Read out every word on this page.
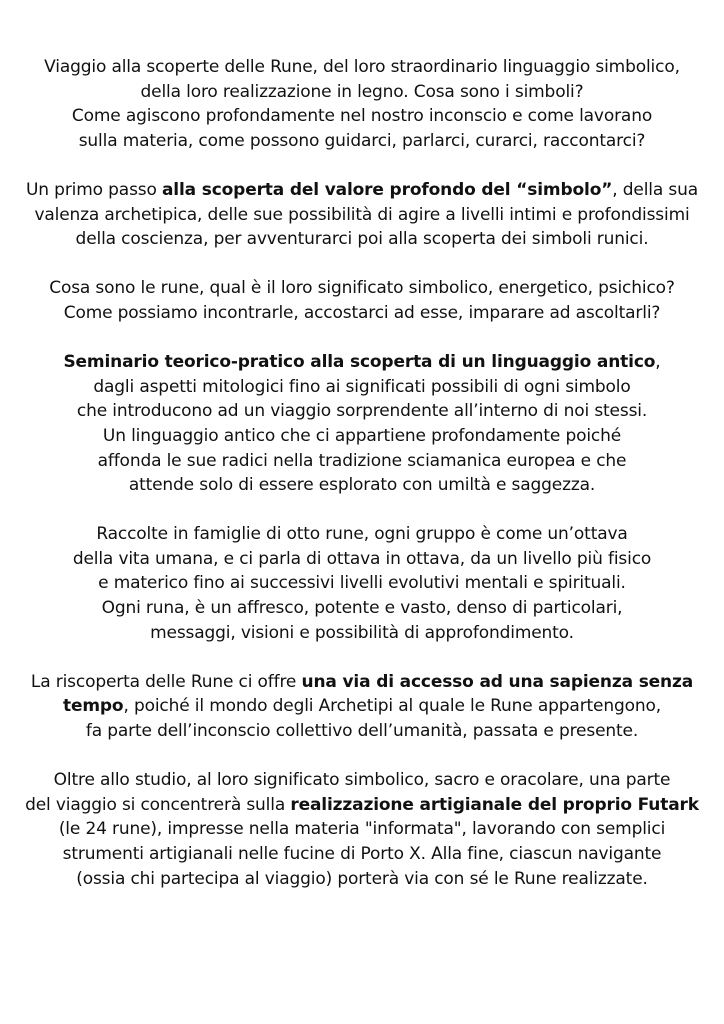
Viaggio alla scoperte delle Rune, del loro straordinario linguaggio simbolico,
della loro realizzazione in legno. Cosa sono i simboli?
Come agiscono profondamente nel nostro inconscio e come lavorano
sulla materia, come possono guidarci, parlarci, curarci, raccontarci?

Un primo passo alla scoperta del valore profondo del “simbolo”, della sua
valenza archetipica, delle sue possibilità di agire a livelli intimi e profondissimi
della coscienza, per avventurarci poi alla scoperta dei simboli runici.

Cosa sono le rune, qual è il loro significato simbolico, energetico, psichico?
Come possiamo incontrarle, accostarci ad esse, imparare ad ascoltarli?

Seminario teorico-pratico alla scoperta di un linguaggio antico,
dagli aspetti mitologici fino ai significati possibili di ogni simbolo
che introducono ad un viaggio sorprendente all’interno di noi stessi.
Un linguaggio antico che ci appartiene profondamente poiché
affonda le sue radici nella tradizione sciamanica europea e che
attende solo di essere esplorato con umiltà e saggezza.

Raccolte in famiglie di otto rune, ogni gruppo è come un’ottava
della vita umana, e ci parla di ottava in ottava, da un livello più fisico
e materico fino ai successivi livelli evolutivi mentali e spirituali.
Ogni runa, è un affresco, potente e vasto, denso di particolari,
messaggi, visioni e possibilità di approfondimento.

La riscoperta delle Rune ci offre una via di accesso ad una sapienza senza
tempo, poiché il mondo degli Archetipi al quale le Rune appartengono,
fa parte dell’inconscio collettivo dell’umanità, passata e presente.

Oltre allo studio, al loro significato simbolico, sacro e oracolare, una parte
del viaggio si concentrerà sulla realizzazione artigianale del proprio Futark
(le 24 rune), impresse nella materia "informata", lavorando con semplici
strumenti artigianali nelle fucine di Porto X. Alla fine, ciascun navigante
(ossia chi partecipa al viaggio) porterà via con sé le Rune realizzate.
